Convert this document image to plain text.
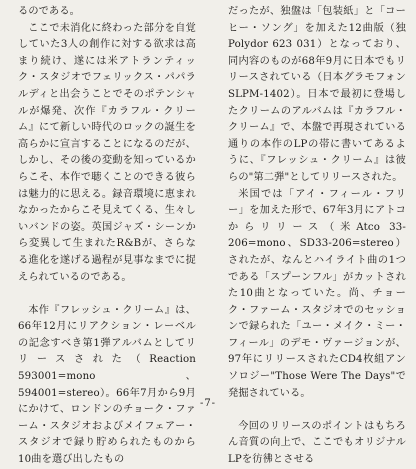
るのである。

ここで未消化に終わった部分を自覚していた3人の創作に対する欲求は高まり続け、遂には米アトランティック・スタジオでフェリックス・パパラルディと出会うことでそのポテンシャルが爆発、次作『カラフル・クリーム』にて新しい時代のロックの誕生を高らかに宣言することになるのだが、しかし、その後の変動を知っているからこそ、本作で聴くことのできる彼らは魅力的に思える。録音環境に恵まれなかったからこそ見えてくる、生々しいバンドの姿。英国ジャズ・シーンから変異して生まれたR&Bが、さらなる進化を遂げる過程が見事なまでに捉えられているのである。

本作『フレッシュ・クリーム』は、66年12月にリアクション・レーベルの記念すべき第1弾アルバムとしてリリースされた（Reaction 593001=mono、594001=stereo）。66年7月から9月にかけて、ロンドンのチョーク・ファーム・スタジオおよびメイフェアー・スタジオで録り貯められたものから10曲を選び出したもの

だったが、独盤は「包装紙」と「コーヒー・ソング」を加えた12曲版（独Polydor 623 031）となっており、同内容のものが68年9月に日本でもリリースされている（日本グラモフォン SLPM-1402）。日本で最初に登場したクリームのアルバムは『カラフル・クリーム』で、本盤で再現されている通りの本作のLPの帯に書いてあるように、『フレッシュ・クリーム』は彼らの"第二弾"としてリリースされた。

米国では「アイ・フィール・フリー」を加えた形で、67年3月にアトコからリリース（米Atco 33-206=mono、SD33-206=stereo）されたが、なんとハイライト曲の1つである「スプーンフル」がカットされた10曲となっていた。尚、チョーク・ファーム・スタジオでのセッションで録られた「ユー・メイク・ミー・フィール」のデモ・ヴァージョンが、97年にリリースされたCD4枚組アンソロジー"Those Were The Days"で発掘されている。

今回のリリースのポイントはもちろん音質の向上で、ここでもオリジナルLPを彷彿とさせる

-7-
